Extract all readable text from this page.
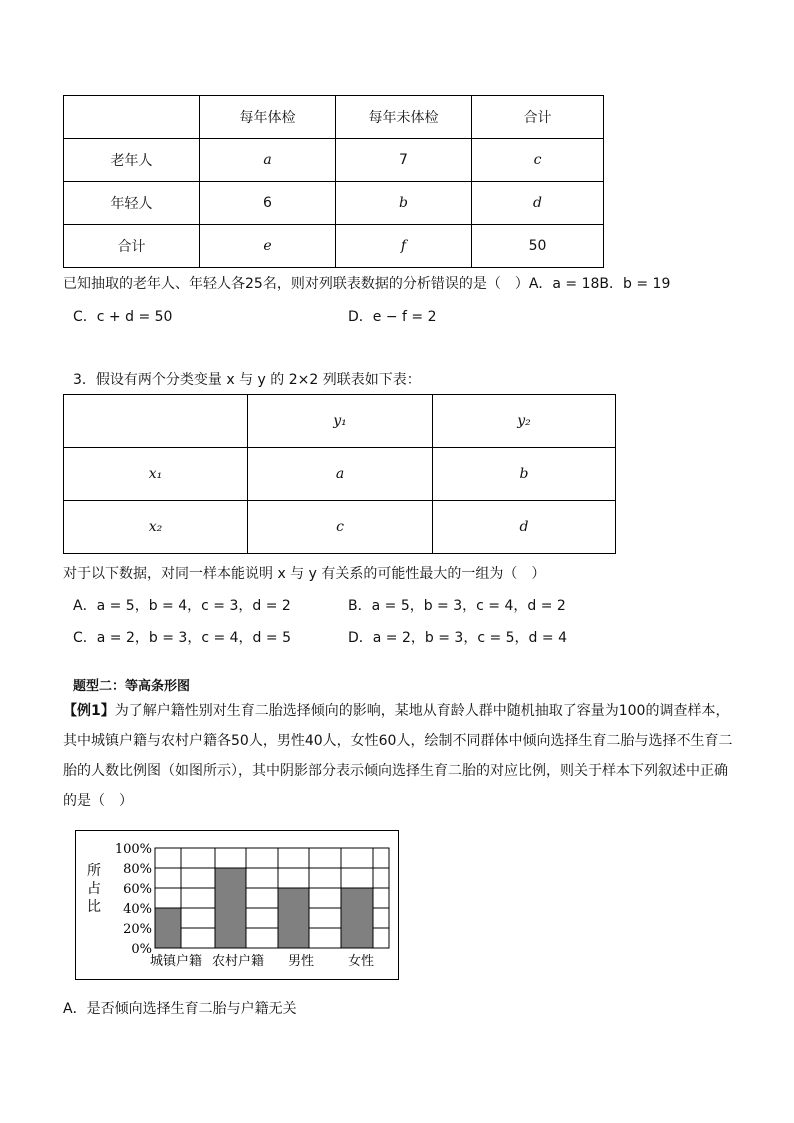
	每年体检	每年未体检	合计
老年人	a	7	c
年轻人	6	b	d
合计	e	f	50
已知抽取的老年人、年轻人各25名，则对列联表数据的分析错误的是（　）A．a = 18B．b = 19
C．c + d = 50	D．e − f = 2
3．假设有两个分类变量 x 与 y 的 2×2 列联表如下表：
	y₁	y₂
x₁	a	b
x₂	c	d
对于以下数据，对同一样本能说明 x 与 y 有关系的可能性最大的一组为（　）
A．a = 5，b = 4，c = 3，d = 2	B．a = 5，b = 3，c = 4，d = 2
C．a = 2，b = 3，c = 4，d = 5	D．a = 2，b = 3，c = 5，d = 4
题型二：等高条形图
【例1】为了解户籍性别对生育二胎选择倾向的影响，某地从育龄人群中随机抽取了容量为100的调查样本，其中城镇户籍与农村户籍各50人，男性40人，女性60人，绘制不同群体中倾向选择生育二胎与选择不生育二胎的人数比例图（如图所示），其中阴影部分表示倾向选择生育二胎的对应比例，则关于样本下列叙述中正确的是（　）
100%
80%
60%
40%
20%
0%
城镇户籍 农村户籍 男性	女性
所
占
比
A．是否倾向选择生育二胎与户籍无关
